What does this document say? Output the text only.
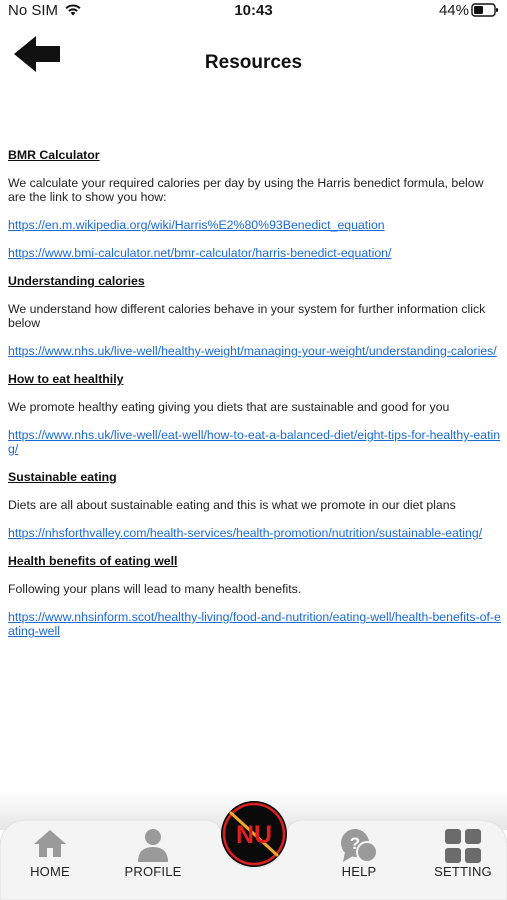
No SIM	10:43	44%
Resources
BMR Calculator
We calculate your required calories per day by using the Harris benedict formula, below are the link to show you how:
https://en.m.wikipedia.org/wiki/Harris%E2%80%93Benedict_equation
https://www.bmi-calculator.net/bmr-calculator/harris-benedict-equation/
Understanding calories
We understand how different calories behave in your system for further information click below
https://www.nhs.uk/live-well/healthy-weight/managing-your-weight/understanding-calories/
How to eat healthily
We promote healthy eating giving you diets that are sustainable and good for you
https://www.nhs.uk/live-well/eat-well/how-to-eat-a-balanced-diet/eight-tips-for-healthy-eating/
Sustainable eating
Diets are all about sustainable eating and this is what we promote in our diet plans
https://nhsforthvalley.com/health-services/health-promotion/nutrition/sustainable-eating/
Health benefits of eating well
Following your plans will lead to many health benefits.
https://www.nhsinform.scot/healthy-living/food-and-nutrition/eating-well/health-benefits-of-eating-well
HOME	PROFILE
NU	?
HELP	SETTING
